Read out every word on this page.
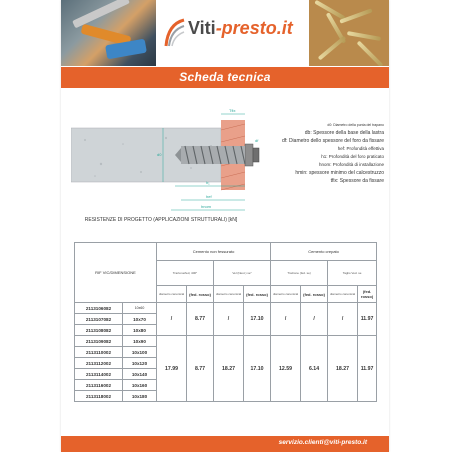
Viti-presto.it
Scheda tecnica
Tfix
h₁
hef
hnom
d0
df
d0: Diametro della punta del trapano
db: Spessore della base della lastra
df: Diametro dello spessore del foro da fissare
hef: Profondità effettiva
h1: Profondità del foro praticato
hnom: Profondità di installazione
hmin: spessore minimo del calcestruzzo
tfix: Spessore da fissare
RESISTENZE DI PROGETTO (APPLICAZIONI STRUTTURALI) [kN]
RIF VIC/DIMENSIONE		Cemento non fessurato				Cemento crepato			
		Trazione/fed, 400°		Vel (Neut.) se°		Trazione (fed. se)		Taglio Ved. se	
		diametro canonical	(fed. rosso)	diametro canonical	(fed. rosso)	diametro canonical	(fed. rosso)	diametro canonical	(fed. rosso)
2113106082	10x60	/	8.77	/	17.10	/	/	/	11.97
2113107082	10x70								
2113108082	10x80								
2113109082	10x90	17.99	8.77	18.27	17.10	12.59	6.14	18.27	11.97
2113110002	10x100								
2113112002	10x120								
2113114002	10x140								
2113116002	10x160								
2113118002	10x180								
servizio.clienti@viti-presto.it
